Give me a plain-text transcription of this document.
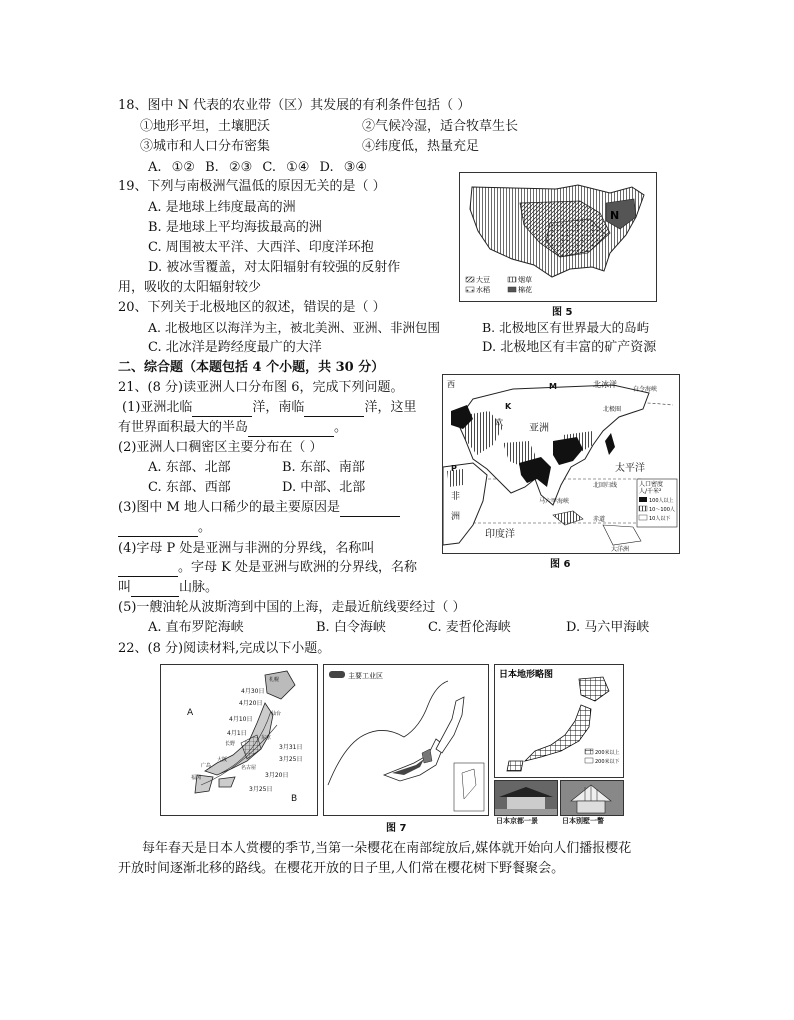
18、图中 N 代表的农业带（区）其发展的有利条件包括（ ）
①地形平坦，土壤肥沃	②气候冷湿，适合牧草生长
③城市和人口分布密集	④纬度低，热量充足
A. ①② B. ②③ C. ①④ D. ③④
19、下列与南极洲气温低的原因无关的是（ ）
A. 是地球上纬度最高的洲
B. 是地球上平均海拔最高的洲
C. 周围被太平洋、大西洋、印度洋环抱
D. 被冰雪覆盖，对太阳辐射有较强的反射作
用，吸收的太阳辐射较少
N
大豆	烟草
水稻	棉花
图 5
20、下列关于北极地区的叙述，错误的是（ ）
A. 北极地区以海洋为主，被北美洲、亚洲、非洲包围	B. 北极地区有世界最大的岛屿
C. 北冰洋是跨经度最广的大洋	D. 北极地区有丰富的矿产资源
二、综合题（本题包括 4 个小题，共 30 分）
21、(8 分)读亚洲人口分布图 6，完成下列问题。
(1)亚洲北临	洋，南临	洋，这里
有世界面积最大的半岛	。
(2)亚洲人口稠密区主要分布在（ ）
A. 东部、北部	B. 东部、南部
C. 东部、西部	D. 中部、北部
(3)图中 M 地人口稀少的最主要原因是
。
(4)字母 P 处是亚洲与非洲的分界线，名称叫
。字母 K 处是亚洲与欧洲的分界线，名称
叫	山脉。
(5)一艘油轮从波斯湾到中国的上海，走最近航线要经过（ ）
A. 直布罗陀海峡	B. 白令海峡	C. 麦哲伦海峡	D. 马六甲海峡
西
欧
M
K
P
北冰洋
白令海峡
亚洲
太平洋
印度洋
非
洲
北极圈
北回归线
赤道
马六甲海峡
大洋洲
人口密度
人/千米²
100人以上
10～100人
10人以下
图 6
22、(8 分)阅读材料,完成以下小题。
A
B
4月30日
4月20日
4月10日
4月1日
3月31日
3月25日
3月20日
3月25日
札幌
仙台
东京
大阪
广岛
福冈
长野
名古屋
主要工业区	日本地形略图
200米以上
200米以下
日本京都一景	日本别墅一瞥
图 7
每年春天是日本人赏樱的季节,当第一朵樱花在南部绽放后,媒体就开始向人们播报樱花
开放时间逐渐北移的路线。在樱花开放的日子里,人们常在樱花树下野餐聚会。
